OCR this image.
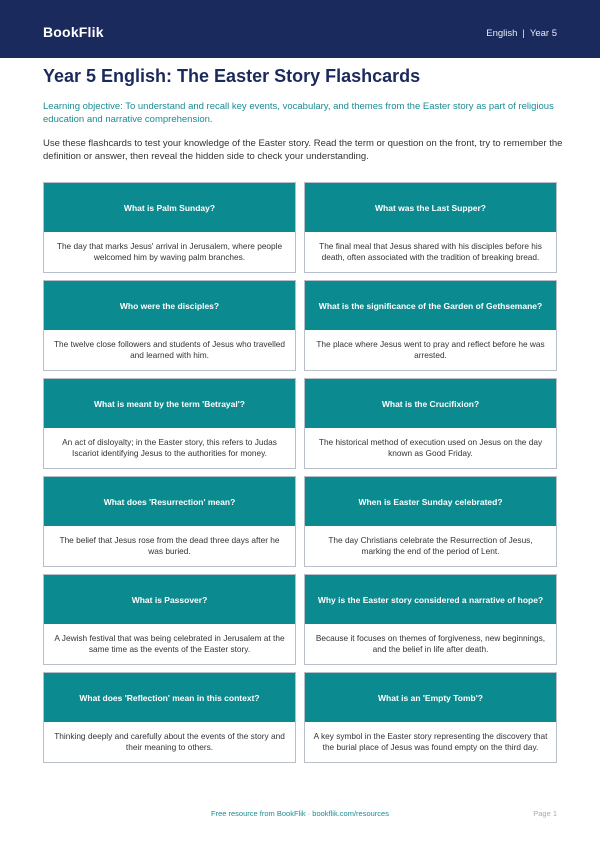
BookFlik	English | Year 5
Year 5 English: The Easter Story Flashcards
Learning objective: To understand and recall key events, vocabulary, and themes from the Easter story as part of religious education and narrative comprehension.
Use these flashcards to test your knowledge of the Easter story. Read the term or question on the front, try to remember the definition or answer, then reveal the hidden side to check your understanding.
What is Palm Sunday?
The day that marks Jesus' arrival in Jerusalem, where people welcomed him by waving palm branches.
What was the Last Supper?
The final meal that Jesus shared with his disciples before his death, often associated with the tradition of breaking bread.
Who were the disciples?
The twelve close followers and students of Jesus who travelled and learned with him.
What is the significance of the Garden of Gethsemane?
The place where Jesus went to pray and reflect before he was arrested.
What is meant by the term 'Betrayal'?
An act of disloyalty; in the Easter story, this refers to Judas Iscariot identifying Jesus to the authorities for money.
What is the Crucifixion?
The historical method of execution used on Jesus on the day known as Good Friday.
What does 'Resurrection' mean?
The belief that Jesus rose from the dead three days after he was buried.
When is Easter Sunday celebrated?
The day Christians celebrate the Resurrection of Jesus, marking the end of the period of Lent.
What is Passover?
A Jewish festival that was being celebrated in Jerusalem at the same time as the events of the Easter story.
Why is the Easter story considered a narrative of hope?
Because it focuses on themes of forgiveness, new beginnings, and the belief in life after death.
What does 'Reflection' mean in this context?
Thinking deeply and carefully about the events of the story and their meaning to others.
What is an 'Empty Tomb'?
A key symbol in the Easter story representing the discovery that the burial place of Jesus was found empty on the third day.
Free resource from BookFlik · bookflik.com/resources	Page 1
